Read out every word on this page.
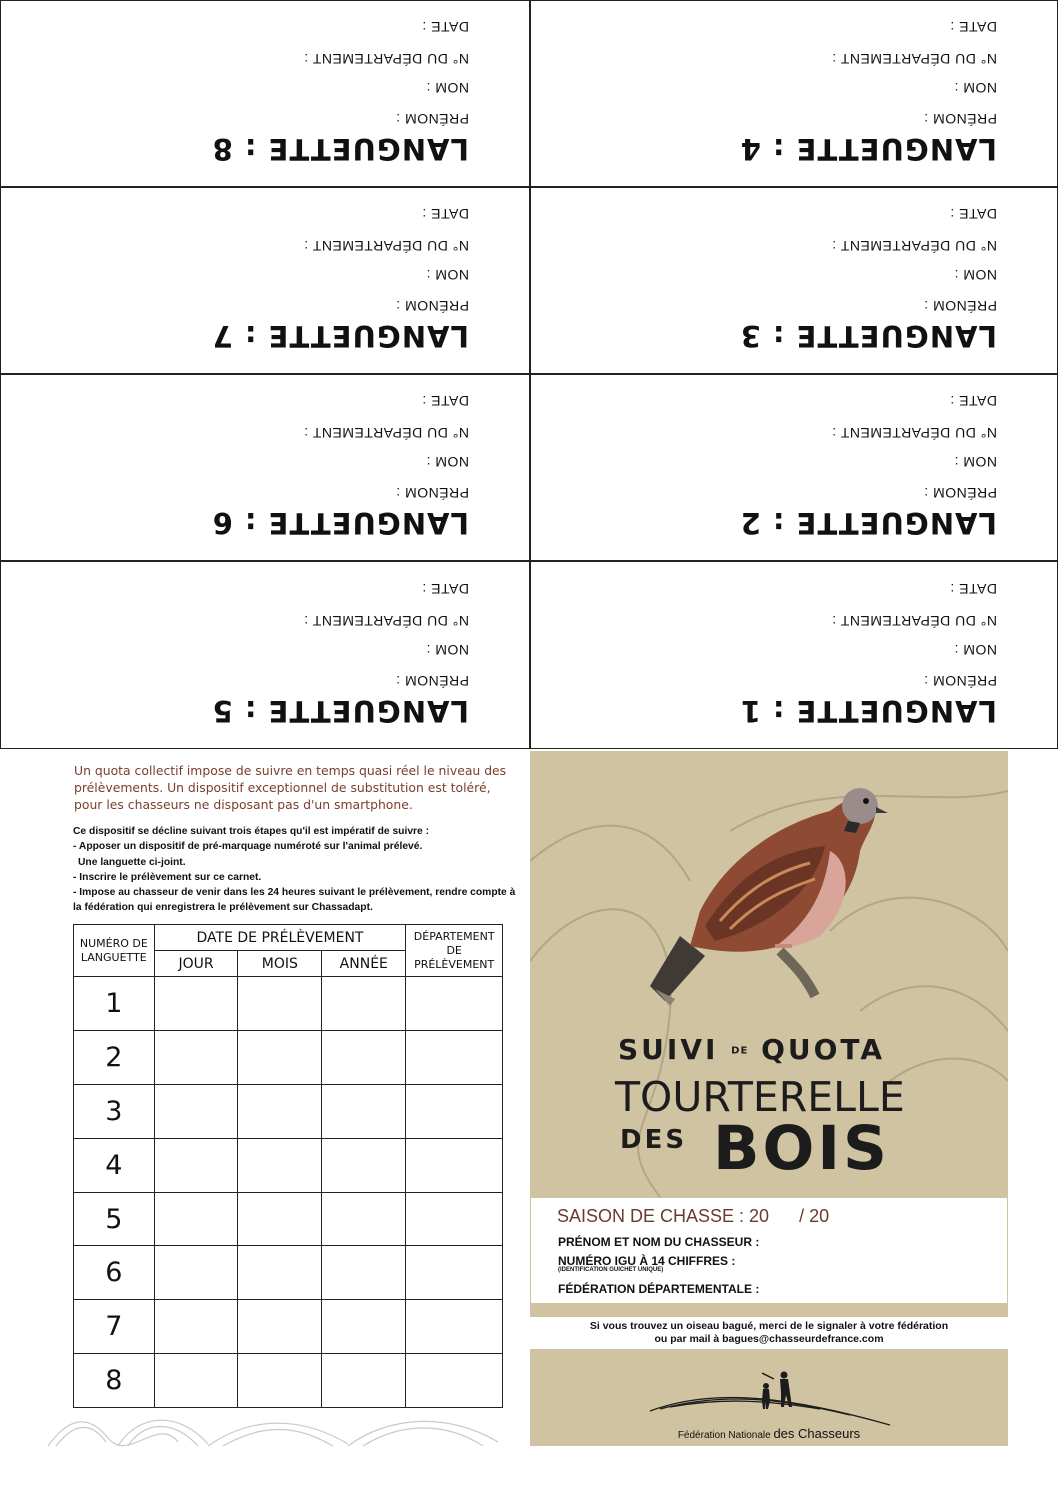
LANGUETTE : 4
PRÉNOM :
NOM :
N° DU DÉPARTEMENT :
DATE :
LANGUETTE : 8
PRÉNOM :
NOM :
N° DU DÉPARTEMENT :
DATE :
LANGUETTE : 3
PRÉNOM :
NOM :
N° DU DÉPARTEMENT :
DATE :
LANGUETTE : 7
PRÉNOM :
NOM :
N° DU DÉPARTEMENT :
DATE :
LANGUETTE : 2
PRÉNOM :
NOM :
N° DU DÉPARTEMENT :
DATE :
LANGUETTE : 6
PRÉNOM :
NOM :
N° DU DÉPARTEMENT :
DATE :
LANGUETTE : 1
PRÉNOM :
NOM :
N° DU DÉPARTEMENT :
DATE :
LANGUETTE : 5
PRÉNOM :
NOM :
N° DU DÉPARTEMENT :
DATE :
Un quota collectif impose de suivre en temps quasi réel le niveau des prélèvements. Un dispositif exceptionnel de substitution est toléré, pour les chasseurs ne disposant pas d'un smartphone.
Ce dispositif se décline suivant trois étapes qu'il est impératif de suivre :
- Apposer un dispositif de pré-marquage numéroté sur l'animal prélevé.
Une languette ci-joint.
- Inscrire le prélèvement sur ce carnet.
- Impose au chasseur de venir dans les 24 heures suivant le prélèvement, rendre compte à
la fédération qui enregistrera le prélèvement sur Chassadapt.
NUMÉRO DE LANGUETTE	DATE DE PRÉLÈVEMENT			DÉPARTEMENT DE PRÉLÈVEMENT
	JOUR	MOIS	ANNÉE	
1				
2				
3				
4				
5				
6				
7				
8				
SUIVI DE QUOTA
TOURTERELLE
DES BOIS
SAISON DE CHASSE : 20      / 20
PRÉNOM ET NOM DU CHASSEUR :
NUMÉRO IGU À 14 CHIFFRES :
(IDENTIFICATION GUICHET UNIQUE)
FÉDÉRATION DÉPARTEMENTALE :
Si vous trouvez un oiseau bagué, merci de le signaler à votre fédération
ou par mail à bagues@chasseurdefrance.com
Fédération Nationale des Chasseurs
